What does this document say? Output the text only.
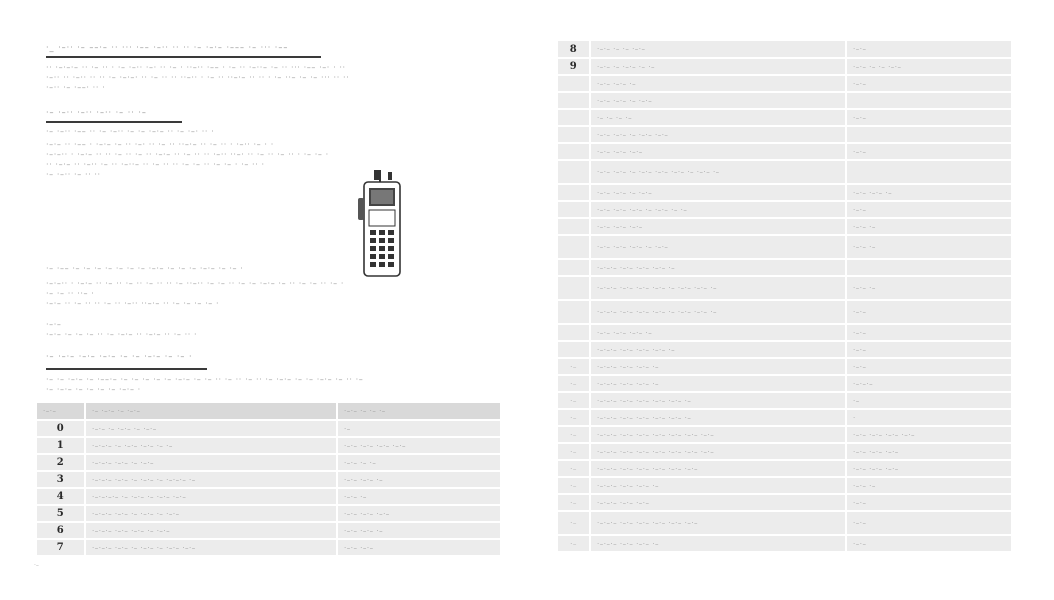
·_ ·–·· ·– ––·– ·· ··· ·–– ·–·· ·· ·· ·– ·–·– ·––– ·– ··· ·––
·· ·–·–·– ·· ·– ·· · ·– ·–·· ·–· ·· ·– · ··–·· ·–– · ·– ·· ·–··– ·– ·· ··· ·–– ·–· · ··
·–·· ·· ·–·· ·· ·· ·– ·–·–· ·· ·– ·· ·· ··–·· · ·– ·· ··–·– ·· ·· · ·– ··– ·– ·– ··· ·· ··
·–·· ·– ·––· ·· ·
·– ·–·· ·–·· ·–·· ·– ·· ·–
·– ·–·· ·–– ·· ·– ·–·· ·– ·– ·–·– ·· ·– ·–· ·· ·
·–·– ·· ·–– · ·–·– ·– ·· ·–· ·· ·– ·· ··–·– ·· ·– ·· · ·–·· ·– · ·
·–·–·· · ·–·– ·· ·· ·– ·· ·– ·· ·–·– ·· ·– ·· ·· ·–·· ··–· ·· ·– ·· ·– ·· · ·– ·– ·
·· ·–·– ·· ·–·· ·– ·· ·–··– ·· ·– ·· ·· ·– ·– ·· ·– ·– · ·– ·· ·
·– ·–·· ·– ·· ··
·– ·–– ·– ·– ·– ·– ·– ·– ·– ·–·– ·– ·– ·– ·–·– ·– ·– ·
·–·–·· · ·–·– ·· ·– ·· ·– ·· ·– ·· ·· ·– ··–·· ·– ·– ·· ·– ·– ·–·– ·– ·· ·– ·– ·· ·– ·
·– ·– ·· ··– ·
·–·– ·· ·– ·· ·· ·– ·· ·–·· ··–·– ·· ·– ·– ·– ·– ·
·–·–
·–·– ·– ·– ·– ·· ·– ·–·– ·· ·–·– ·· ·– ·· ·
·– ·–·– ·–·– ·–·– ·– ·– ·–·– ·– ·– ·
·– ·– ·–·– ·– ·––·– ·– ·– ·– ·– ·– ·–·– ·– ·– ·· ·– ·· ·– ·· ·– ·–·– ·– ·– ·–·– ·– ·· ·–
·– ·–·– ·– ·– ·– ·– ·–·– ·
·–·–	·– ·–·– ·– ·–·–	·–·– ·– ·– ·–
0	·–·– ·– ·–·– ·– ·–·–	·–
1	·–·–·– ·– ·–·– ·–·– ·– ·–	·–·– ·–·– ·–·– ·–·–
2	·–·–·– ·–·– ·– ·–·–	·–·– ·– ·–
3	·–·–·– ·–·– ·– ·–·– ·– ·–·–·– ·–	·–·– ·–·– ·–
4	·–·–·–·– ·– ·–·– ·– ·–·– ·–·–	·–·– ·–
5	·–·–·– ·–·– ·– ·–·– ·– ·–·–	·–·– ·–·– ·–·–
6	·–·–·– ·–·– ·–·– ·– ·–·–	·–·– ·–·– ·–
7	·–·–·– ·–·– ·– ·–·– ·– ·–·– ·–·–	·–·– ·–·–
·–
8	·–·– ·– ·– ·–·–	·–·–
9	·–·– ·– ·–·– ·– ·–	·–·– ·– ·– ·–·–
	·–·– ·–·– ·–	·–·–
	·–·– ·–·– ·– ·–·–	
	·– ·– ·– ·–	·–·–
	·–·– ·–·– ·– ·–·– ·–·–	
	·–·– ·–·– ·–·–	·–·–
	·–·– ·–·– ·– ·–·– ·–·– ·–·– ·– ·–·– ·–	
	·–·– ·–·– ·– ·–·–	·–·– ·–·– ·–
	·–·– ·–·– ·–·– ·– ·–·– ·– ·–	·–·–
	·–·– ·–·– ·–·–	·–·– ·–
	·–·– ·–·– ·–·– ·– ·–·–	·–·– ·–
	·–·–·– ·–·– ·–·– ·–·– ·–	
	·–·–·– ·–·– ·–·– ·–·– ·– ·–·– ·–·– ·–	·–·– ·–
	·–·–·– ·–·– ·–·– ·–·– ·– ·–·– ·–·– ·–	·–·–
	·–·– ·–·– ·–·– ·–	·–·–
	·–·–·– ·–·– ·–·– ·–·– ·–	·–·–
·–	·–·–·– ·–·– ·–·– ·–	·–·–
·–	·–·–·– ·–·– ·–·– ·–	·–·–·–
·–	·–·–·– ·–·– ·–·– ·–·– ·–·– ·–	·–
·–	·–·–·– ·–·– ·–·– ·–·– ·–·– ·–	·
·–	·–·–·– ·–·– ·–·– ·–·– ·–·– ·–·– ·–·–	·–·– ·–·– ·–·– ·–·–
·–	·–·–·– ·–·– ·–·– ·–·– ·–·– ·–·– ·–·–	·–·– ·–·– ·–·–
·–	·–·–·– ·–·– ·–·– ·–·– ·–·– ·–·–	·–·– ·–·– ·–·–
·–	·–·–·– ·–·– ·–·– ·–	·–·– ·–
·–	·–·–·– ·–·– ·–·–	·–·–
·–	·–·–·– ·–·– ·–·– ·–·– ·–·– ·–·–	·–·–
·–	·–·–·– ·–·– ·–·– ·–	·–·–
